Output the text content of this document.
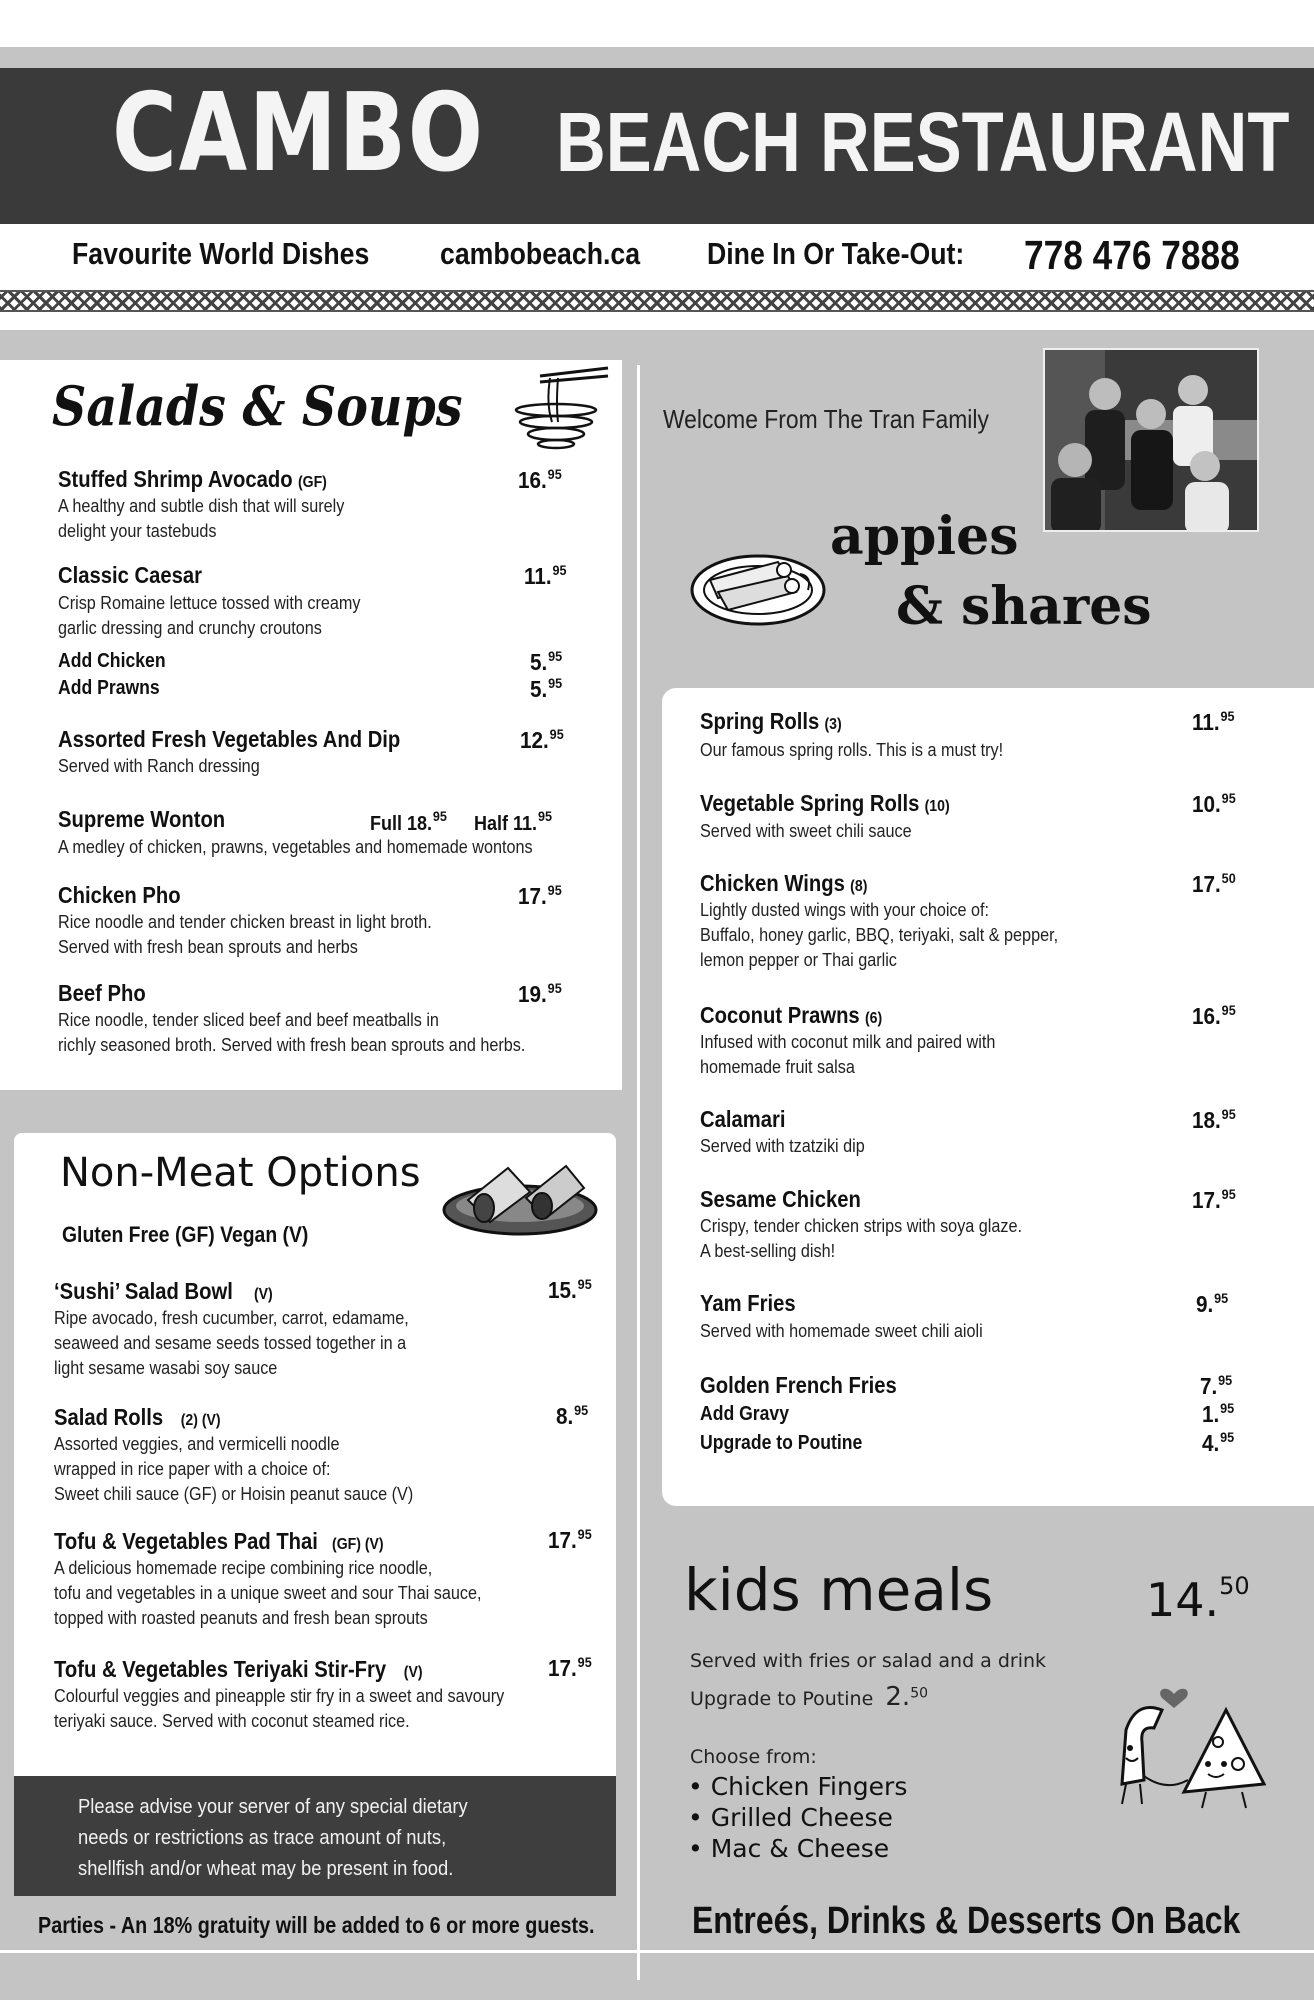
CAMBO BEACH RESTAURANT
Favourite World Dishes cambobeach.ca Dine In Or Take-Out: 778 476 7888
Salads & Soups
Stuffed Shrimp Avocado (GF)	16.95
A healthy and subtle dish that will surely
delight your tastebuds
Classic Caesar	11.95
Crisp Romaine lettuce tossed with creamy
garlic dressing and crunchy croutons
Add Chicken	5.95
Add Prawns	5.95
Assorted Fresh Vegetables And Dip	12.95
Served with Ranch dressing
Supreme Wonton	Full 18.95 Half 11.95
A medley of chicken, prawns, vegetables and homemade wontons
Chicken Pho	17.95
Rice noodle and tender chicken breast in light broth.
Served with fresh bean sprouts and herbs
Beef Pho	19.95
Rice noodle, tender sliced beef and beef meatballs in
richly seasoned broth. Served with fresh bean sprouts and herbs.
Non-Meat Options
Gluten Free (GF) Vegan (V)
‘Sushi’ Salad Bowl (V)	15.95
Ripe avocado, fresh cucumber, carrot, edamame,
seaweed and sesame seeds tossed together in a
light sesame wasabi soy sauce
Salad Rolls (2) (V)	8.95
Assorted veggies, and vermicelli noodle
wrapped in rice paper with a choice of:
Sweet chili sauce (GF) or Hoisin peanut sauce (V)
Tofu & Vegetables Pad Thai (GF) (V)	17.95
A delicious homemade recipe combining rice noodle,
tofu and vegetables in a unique sweet and sour Thai sauce,
topped with roasted peanuts and fresh bean sprouts
Tofu & Vegetables Teriyaki Stir-Fry (V)	17.95
Colourful veggies and pineapple stir fry in a sweet and savoury
teriyaki sauce. Served with coconut steamed rice.
Please advise your server of any special dietary
needs or restrictions as trace amount of nuts,
shellfish and/or wheat may be present in food.
Welcome From The Tran Family
appies
& shares
Spring Rolls (3)	11.95
Our famous spring rolls. This is a must try!
Vegetable Spring Rolls (10)	10.95
Served with sweet chili sauce
Chicken Wings (8)	17.50
Lightly dusted wings with your choice of:
Buffalo, honey garlic, BBQ, teriyaki, salt & pepper,
lemon pepper or Thai garlic
Coconut Prawns (6)	16.95
Infused with coconut milk and paired with
homemade fruit salsa
Calamari	18.95
Served with tzatziki dip
Sesame Chicken	17.95
Crispy, tender chicken strips with soya glaze.
A best-selling dish!
Yam Fries	9.95
Served with homemade sweet chili aioli
Golden French Fries	7.95
Add Gravy	1.95
Upgrade to Poutine	4.95
kids meals	14.50
Served with fries or salad and a drink
Upgrade to Poutine 2.50
Choose from:
• Chicken Fingers
• Grilled Cheese
• Mac & Cheese
Parties - An 18% gratuity will be added to 6 or more guests.	Entreés, Drinks & Desserts On Back
